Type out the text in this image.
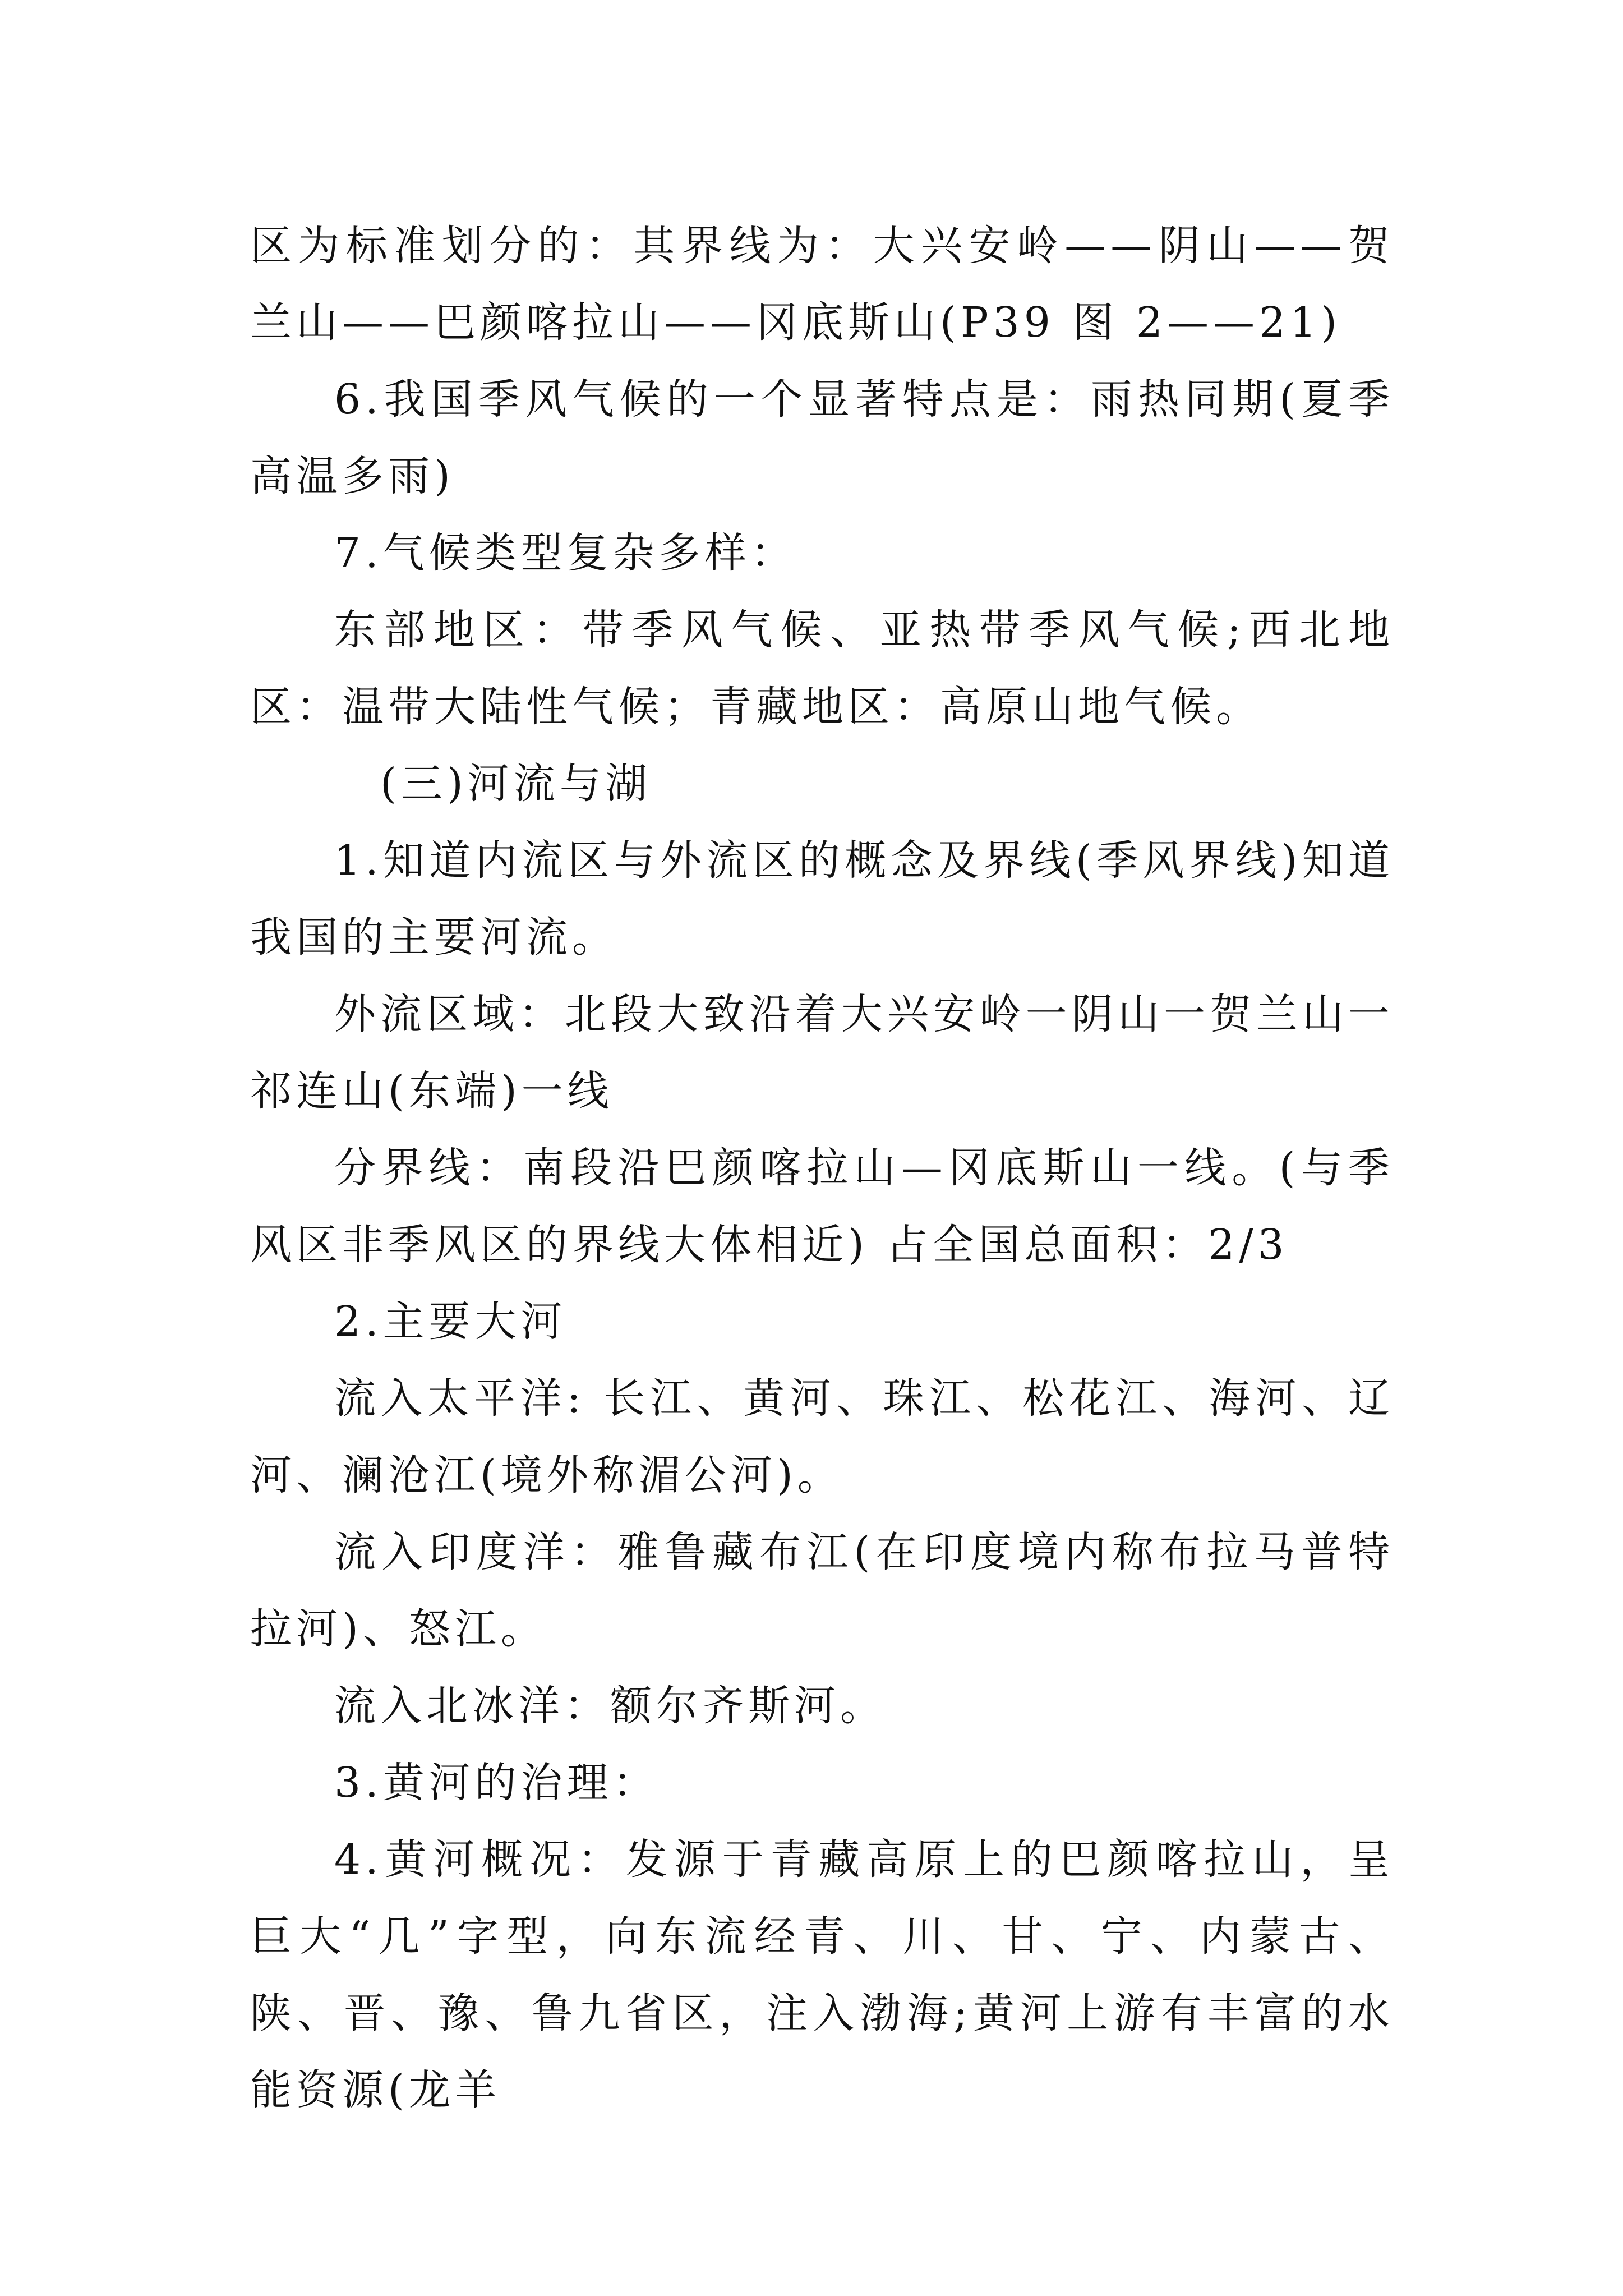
区为标准划分的：其界线为：大兴安岭——阴山——贺兰山——巴颜喀拉山——冈底斯山(P39 图 2——21)

6.我国季风气候的一个显著特点是：雨热同期(夏季高温多雨)

7.气候类型复杂多样：

东部地区：带季风气候、亚热带季风气候;西北地区：温带大陆性气候；青藏地区：高原山地气候。

(三)河流与湖

1.知道内流区与外流区的概念及界线(季风界线)知道我国的主要河流。

外流区域：北段大致沿着大兴安岭一阴山一贺兰山一祁连山(东端)一线

分界线：南段沿巴颜喀拉山—冈底斯山一线。(与季风区非季风区的界线大体相近) 占全国总面积：2/3

2.主要大河

流入太平洋: 长江、黄河、珠江、松花江、海河、辽河、澜沧江(境外称湄公河)。

流入印度洋：雅鲁藏布江(在印度境内称布拉马普特拉河)、怒江。

流入北冰洋：额尔齐斯河。

3.黄河的治理：

4.黄河概况：发源于青藏高原上的巴颜喀拉山，呈巨大“几”字型，向东流经青、川、甘、宁、内蒙古、陕、晋、豫、鲁九省区，注入渤海;黄河上游有丰富的水能资源(龙羊
